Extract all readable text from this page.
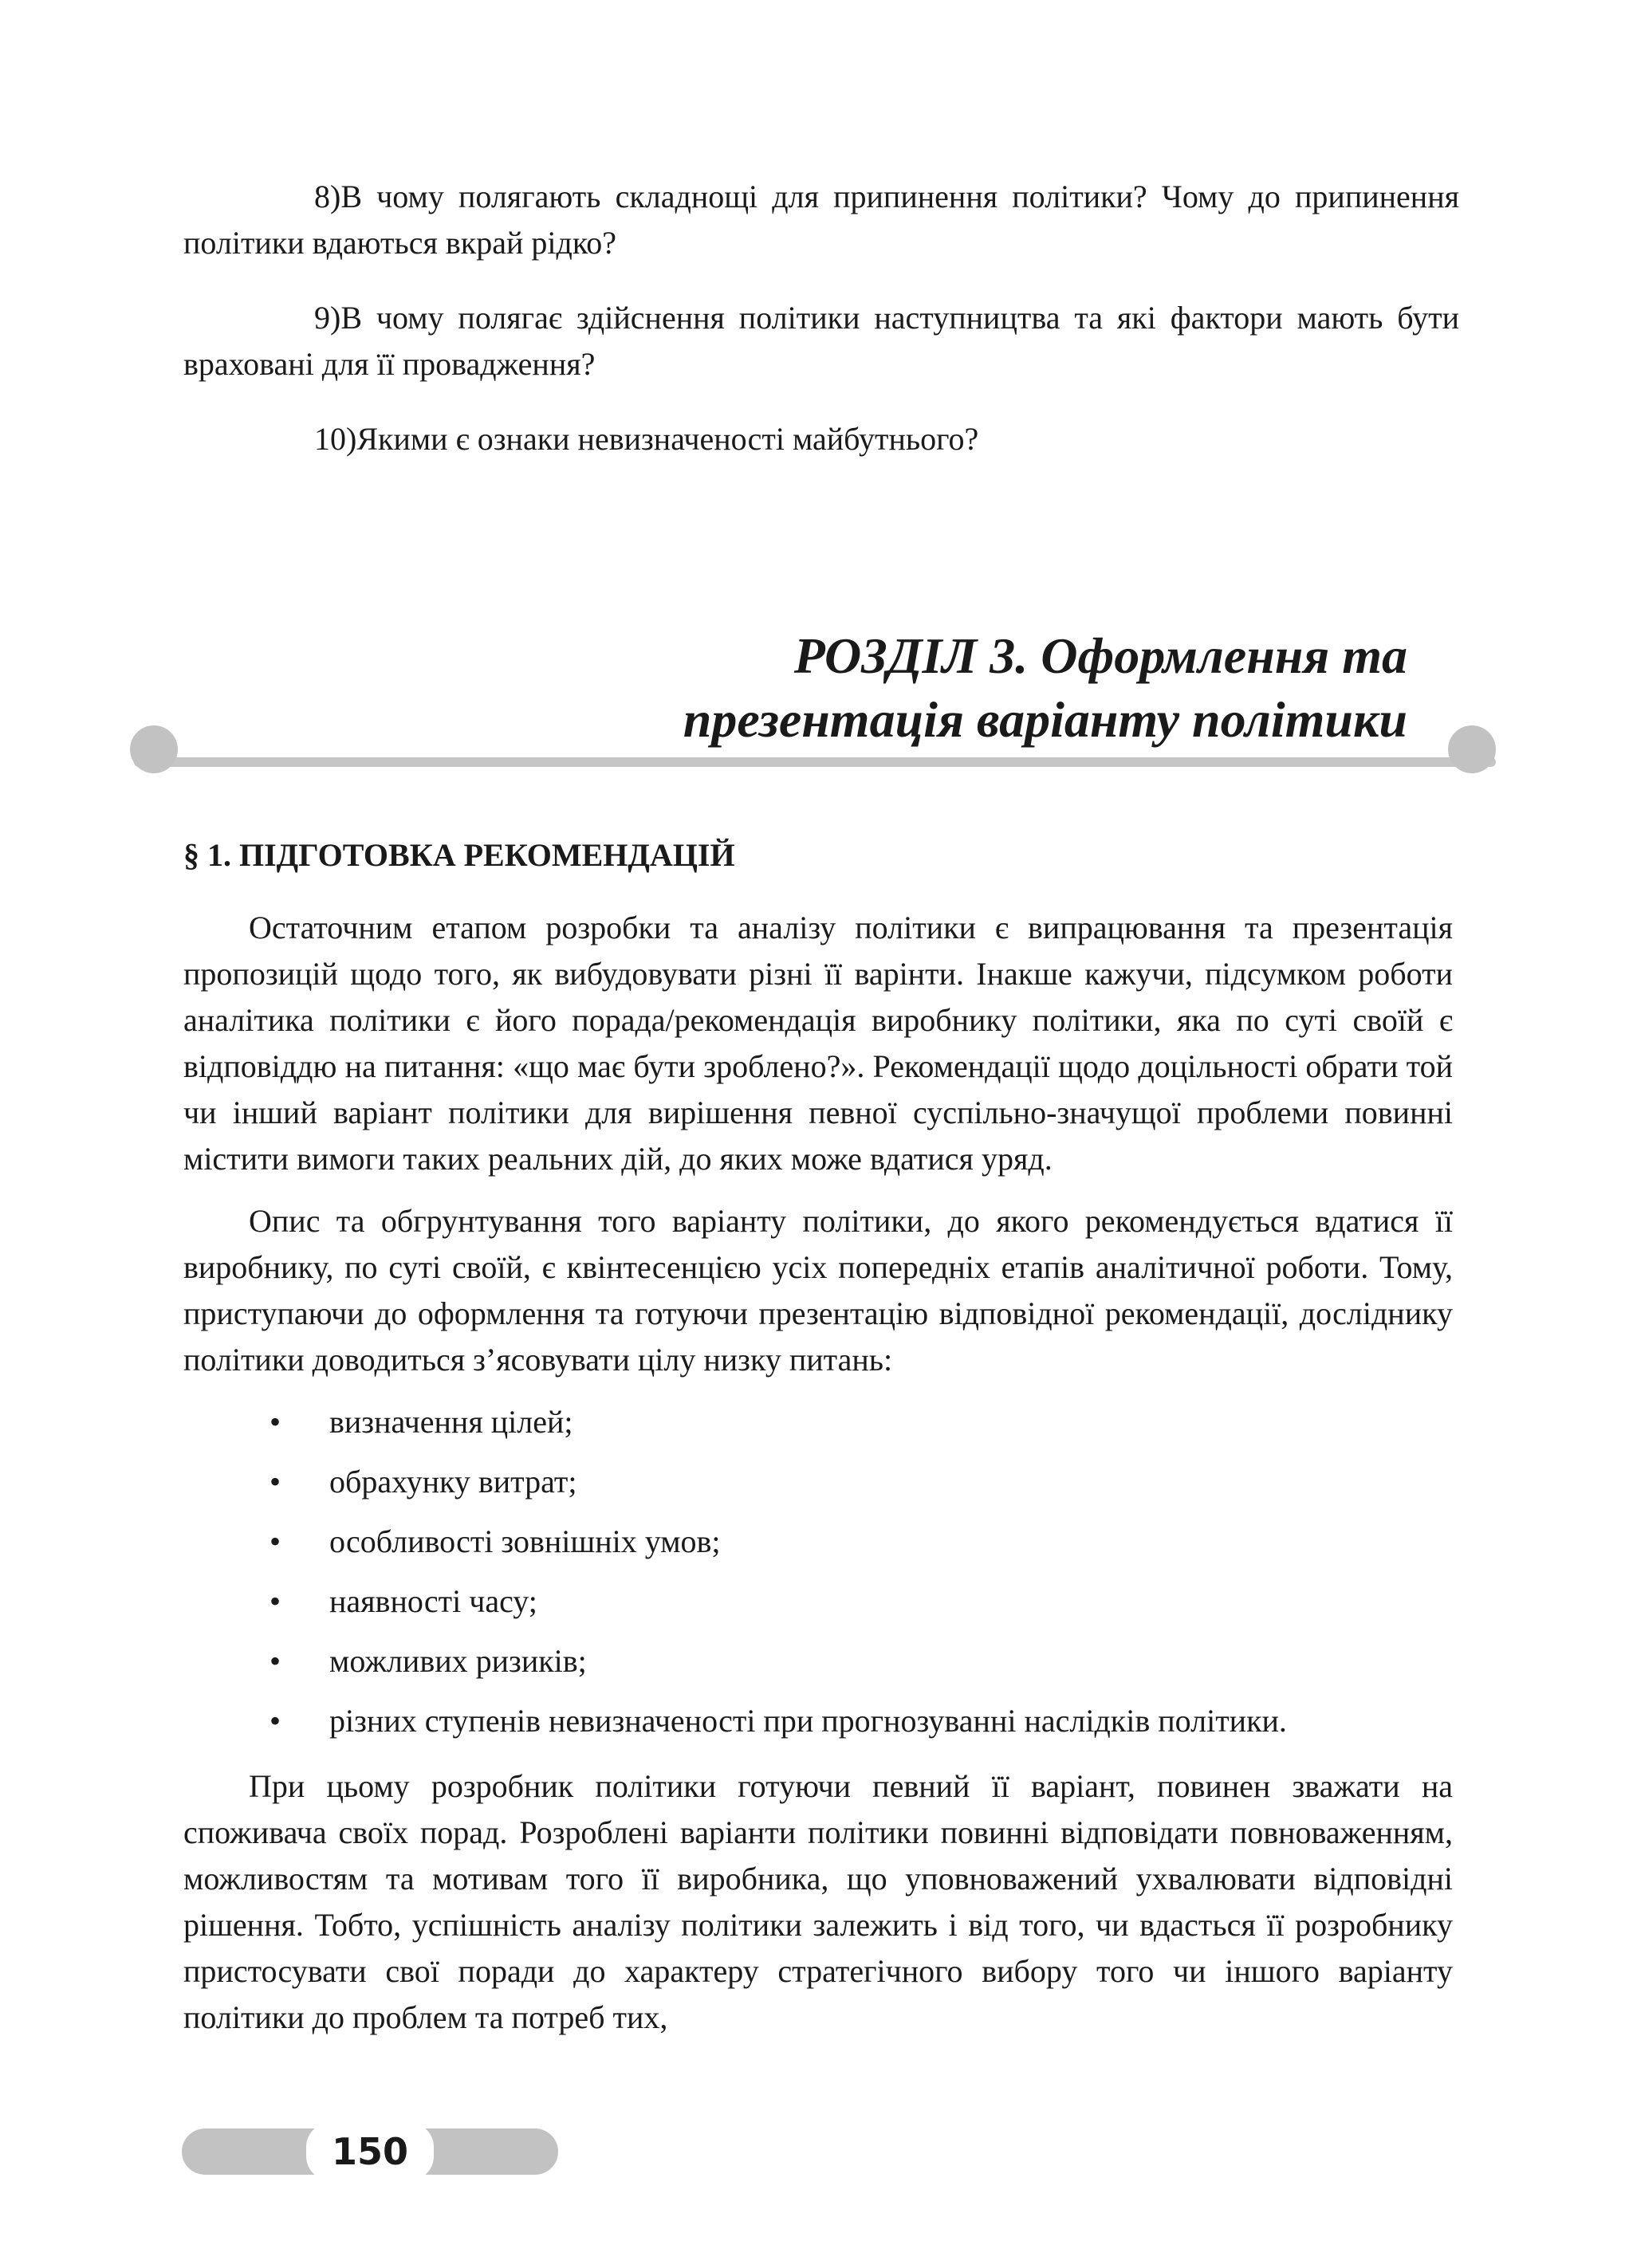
8)В чому полягають складнощі для припинення політики? Чому до припинення політики вдаються вкрай рідко?

9)В чому полягає здійснення політики наступництва та які фактори мають бути враховані для її провадження?

10)Якими є ознаки невизначеності майбутнього?

РОЗДІЛ 3. Оформлення та
презентація варіанту політики
§ 1. ПІДГОТОВКА РЕКОМЕНДАЦІЙ

Остаточним етапом розробки та аналізу політики є випрацювання та презентація пропозицій щодо того, як вибудовувати різні її варінти. Інакше кажучи, підсумком роботи аналітика політики є його порада/рекомендація виробнику політики, яка по суті своїй є відповіддю на питання: «що має бути зроблено?». Рекомендації щодо доцільності обрати той чи інший варіант політики для вирішення певної суспільно-значущої проблеми повинні містити вимоги таких реальних дій, до яких може вдатися уряд.

Опис та обгрунтування того варіанту політики, до якого рекомендується вдатися її виробнику, по суті своїй, є квінтесенцією усіх попередніх етапів аналітичної роботи. Тому, приступаючи до оформлення та готуючи презентацію відповідної рекомендації, досліднику політики доводиться з’ясовувати цілу низку питань:

• визначення цілей;
• обрахунку витрат;
• особливості зовнішніх умов;
• наявності часу;
• можливих ризиків;
• різних ступенів невизначеності при прогнозуванні наслідків політики.

При цьому розробник політики готуючи певний її варіант, повинен зважати на споживача своїх порад. Розроблені варіанти політики повинні відповідати повноваженням, можливостям та мотивам того її виробника, що уповноважений ухвалювати відповідні рішення. Тобто, успішність аналізу політики залежить і від того, чи вдасться її розробнику пристосувати свої поради до характеру стратегічного вибору того чи іншого варіанту політики до проблем та потреб тих,

150
